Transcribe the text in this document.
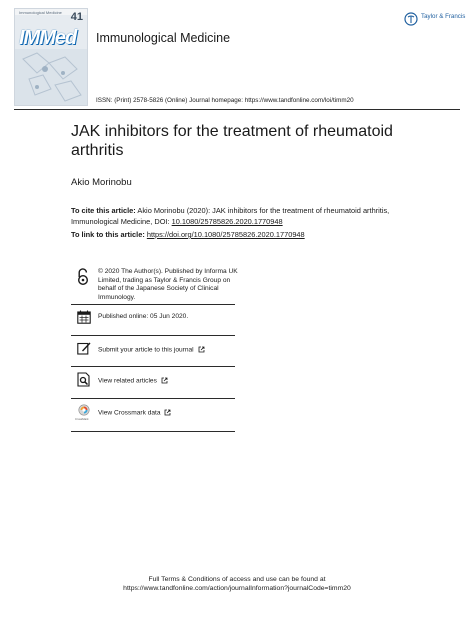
Immunological Medicine 41
IMMed Immunological Medicine
Taylor & Francis
ISSN: (Print) 2578-5826 (Online) Journal homepage: https://www.tandfonline.com/loi/timm20
JAK inhibitors for the treatment of rheumatoid arthritis
Akio Morinobu
To cite this article: Akio Morinobu (2020): JAK inhibitors for the treatment of rheumatoid arthritis, Immunological Medicine, DOI: 10.1080/25785826.2020.1770948
To link to this article: https://doi.org/10.1080/25785826.2020.1770948
© 2020 The Author(s). Published by Informa UK Limited, trading as Taylor & Francis Group on behalf of the Japanese Society of Clinical Immunology.
Published online: 05 Jun 2020.
Submit your article to this journal
View related articles
CrossMark
View Crossmark data
Full Terms & Conditions of access and use can be found at
https://www.tandfonline.com/action/journalInformation?journalCode=timm20
